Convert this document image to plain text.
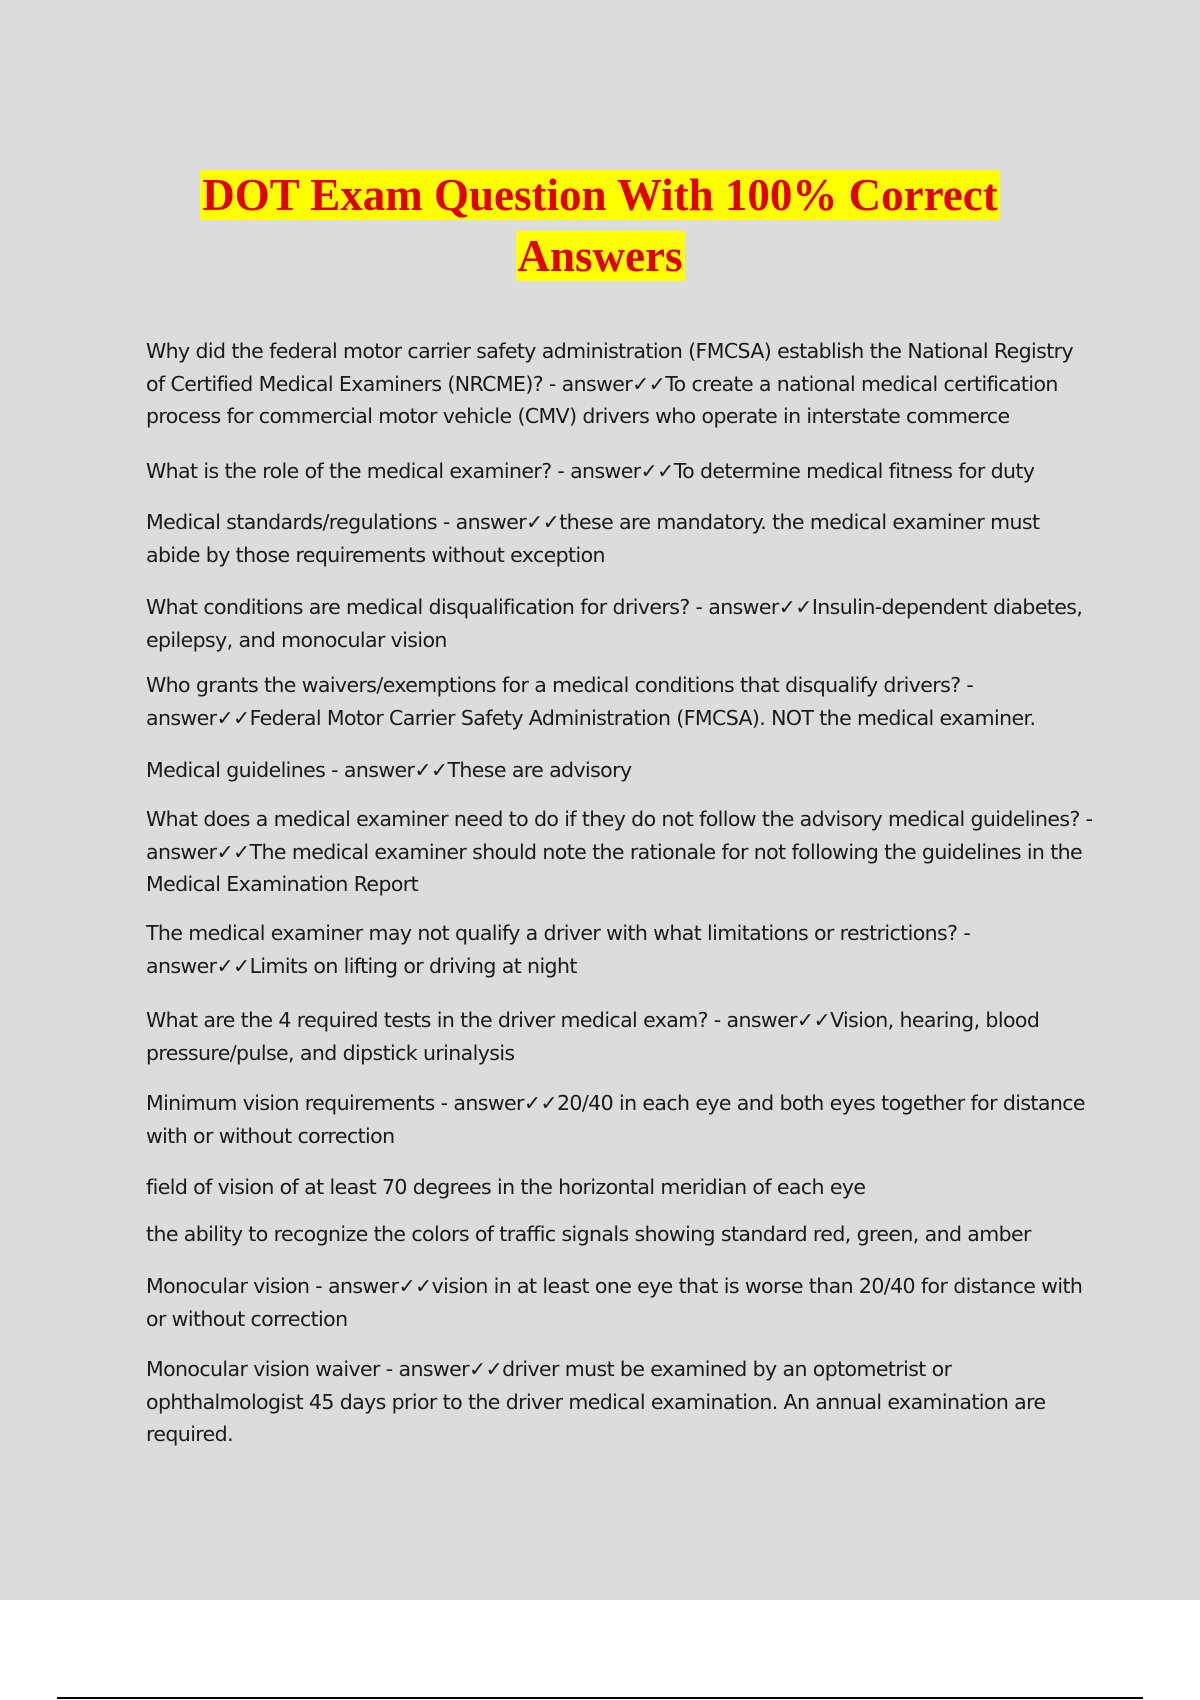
DOT Exam Question With 100% Correct
Answers

Why did the federal motor carrier safety administration (FMCSA) establish the National Registry of Certified Medical Examiners (NRCME)? - answer✓✓To create a national medical certification process for commercial motor vehicle (CMV) drivers who operate in interstate commerce

What is the role of the medical examiner? - answer✓✓To determine medical fitness for duty

Medical standards/regulations - answer✓✓these are mandatory. the medical examiner must abide by those requirements without exception

What conditions are medical disqualification for drivers? - answer✓✓Insulin-dependent diabetes, epilepsy, and monocular vision

Who grants the waivers/exemptions for a medical conditions that disqualify drivers? - answer✓✓Federal Motor Carrier Safety Administration (FMCSA). NOT the medical examiner.

Medical guidelines - answer✓✓These are advisory

What does a medical examiner need to do if they do not follow the advisory medical guidelines? - answer✓✓The medical examiner should note the rationale for not following the guidelines in the Medical Examination Report

The medical examiner may not qualify a driver with what limitations or restrictions? - answer✓✓Limits on lifting or driving at night

What are the 4 required tests in the driver medical exam? - answer✓✓Vision, hearing, blood pressure/pulse, and dipstick urinalysis

Minimum vision requirements - answer✓✓20/40 in each eye and both eyes together for distance with or without correction

field of vision of at least 70 degrees in the horizontal meridian of each eye

the ability to recognize the colors of traffic signals showing standard red, green, and amber

Monocular vision - answer✓✓vision in at least one eye that is worse than 20/40 for distance with or without correction

Monocular vision waiver - answer✓✓driver must be examined by an optometrist or ophthalmologist 45 days prior to the driver medical examination. An annual examination are required.
